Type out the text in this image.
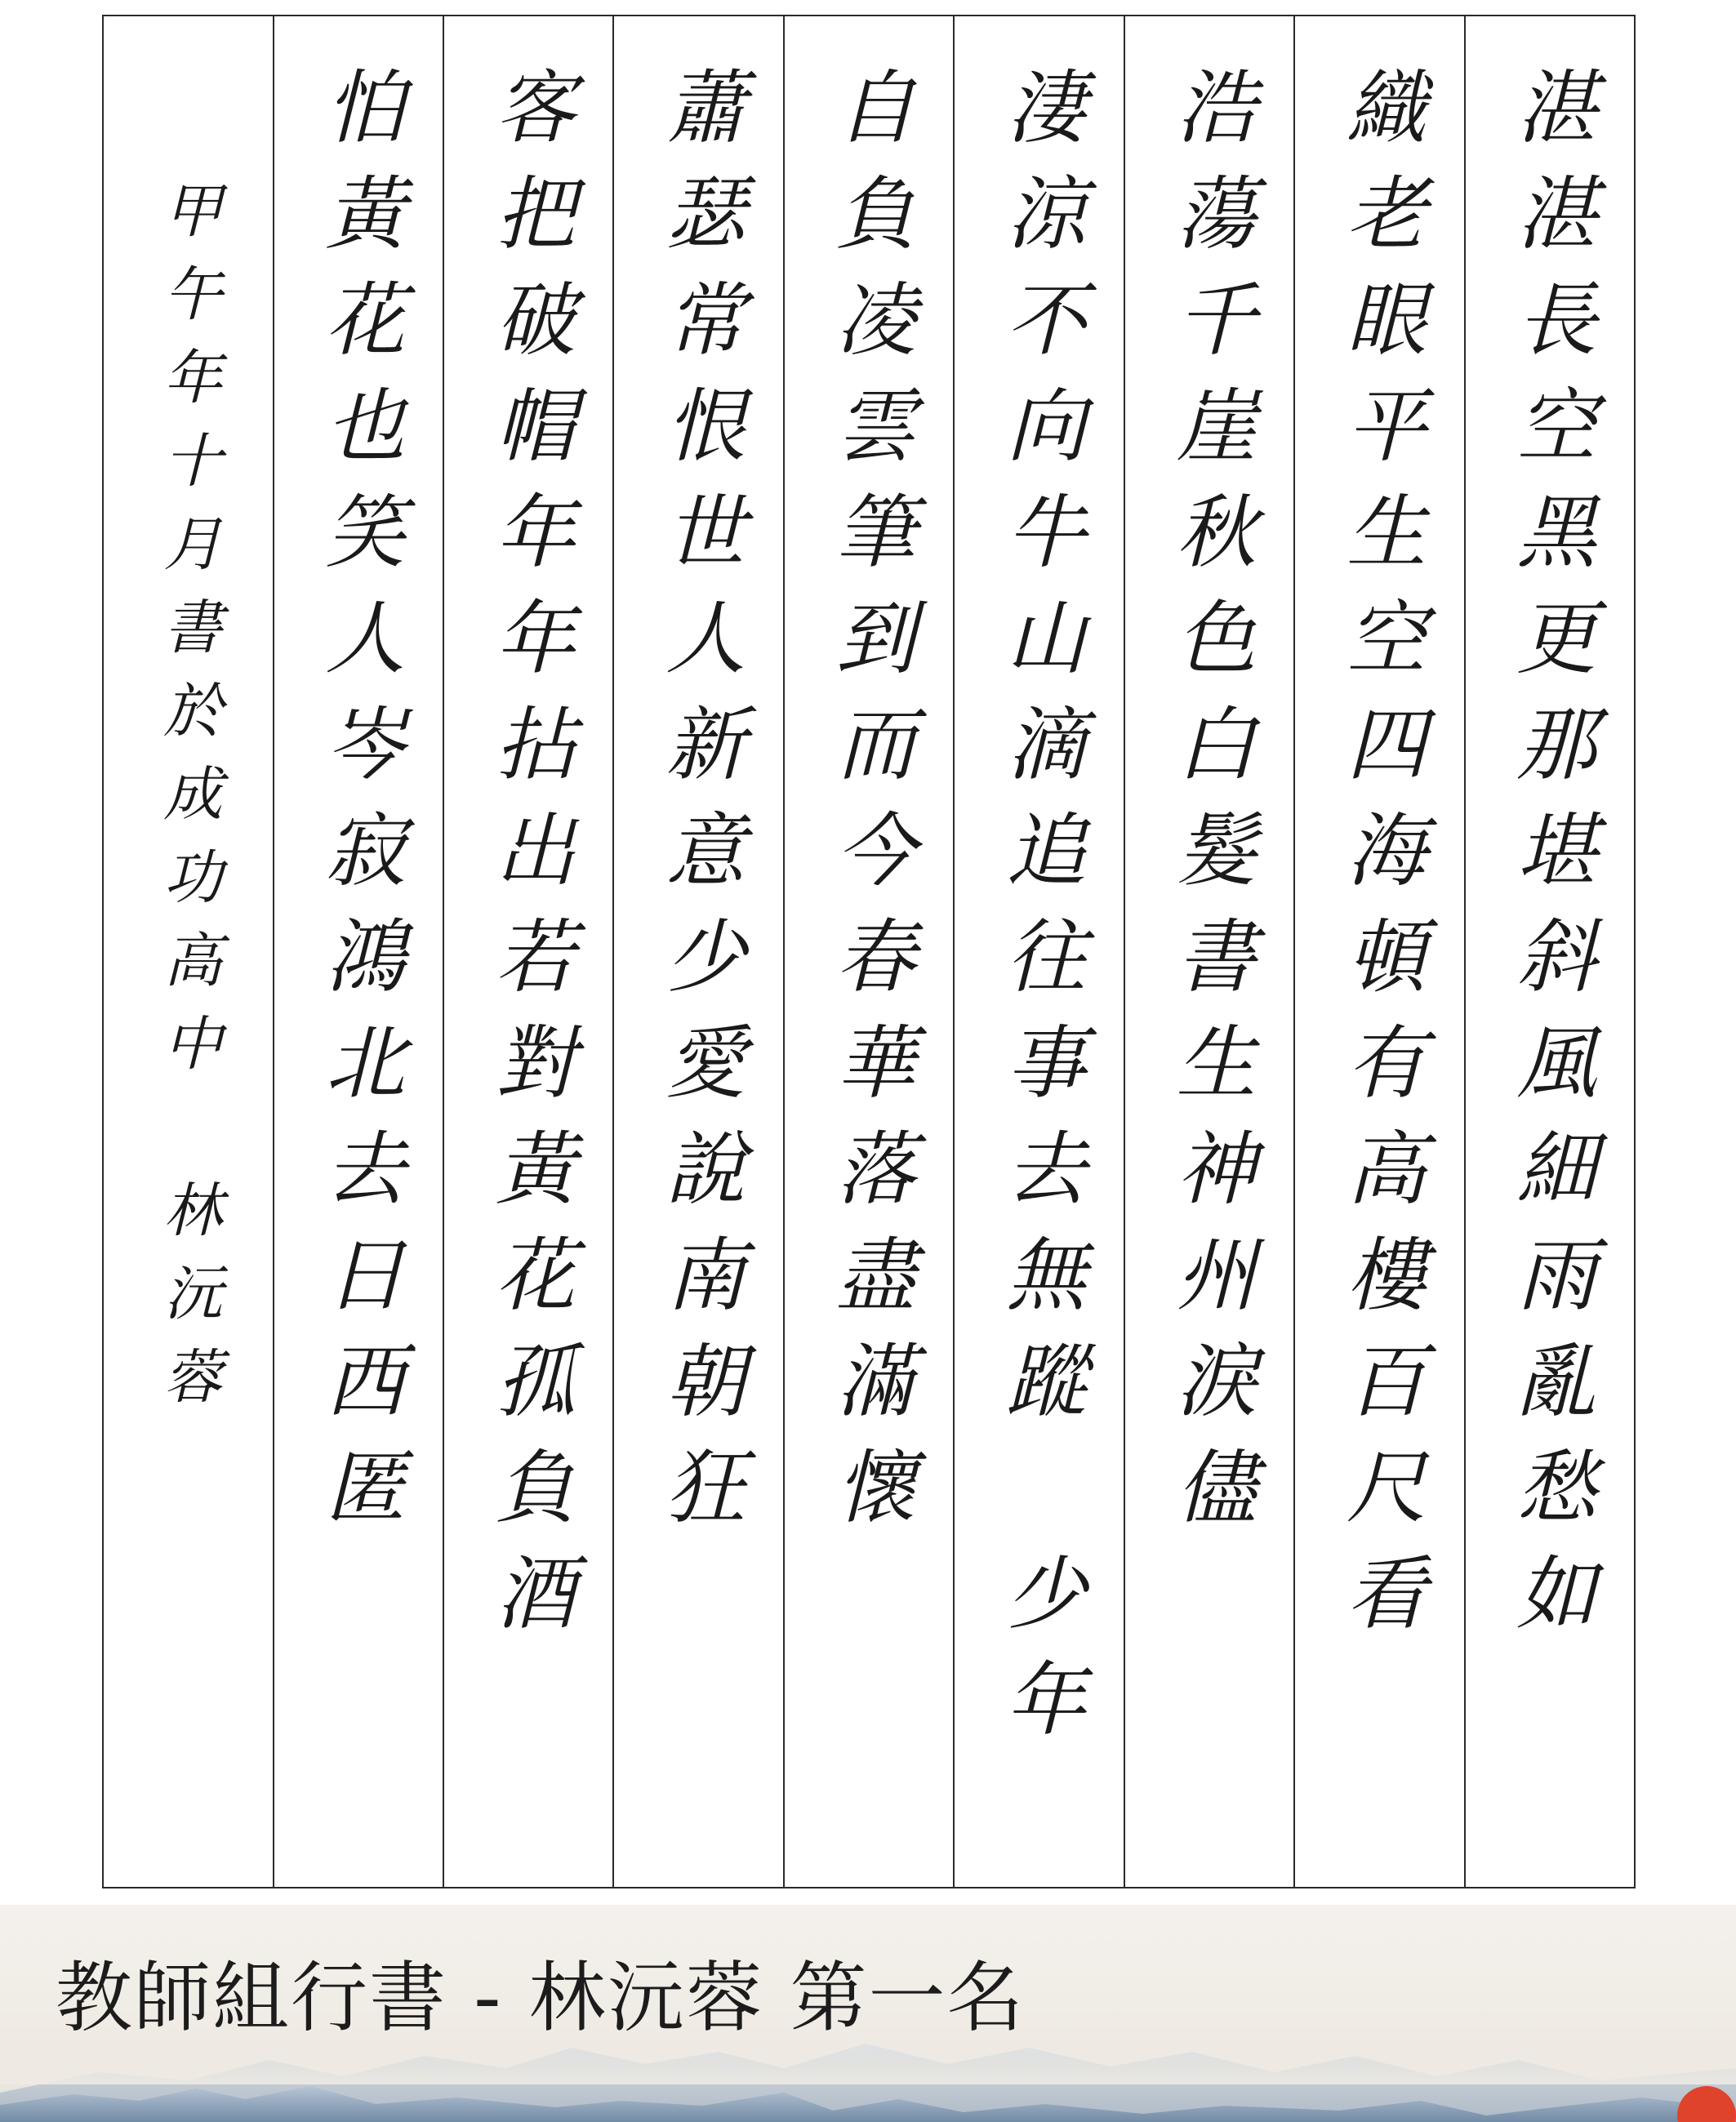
湛湛長空黑更那堪斜風細雨亂愁如
織老眼平生空四海頓有高樓百尺看
浩蕩千崖秋色白髮書生神州淚儘
淒涼不向牛山滴追往事去無蹤　少年
自負凌雲筆到而今春華落盡滿懷
蕭瑟常恨世人新意少愛說南朝狂
客把破帽年年拈出若對黃花孤負酒
怕黃花也笑人岑寂鴻北去日西匿
甲午年十月書於成功高中　林沅蓉
教師組行書 - 林沅蓉 第一名
